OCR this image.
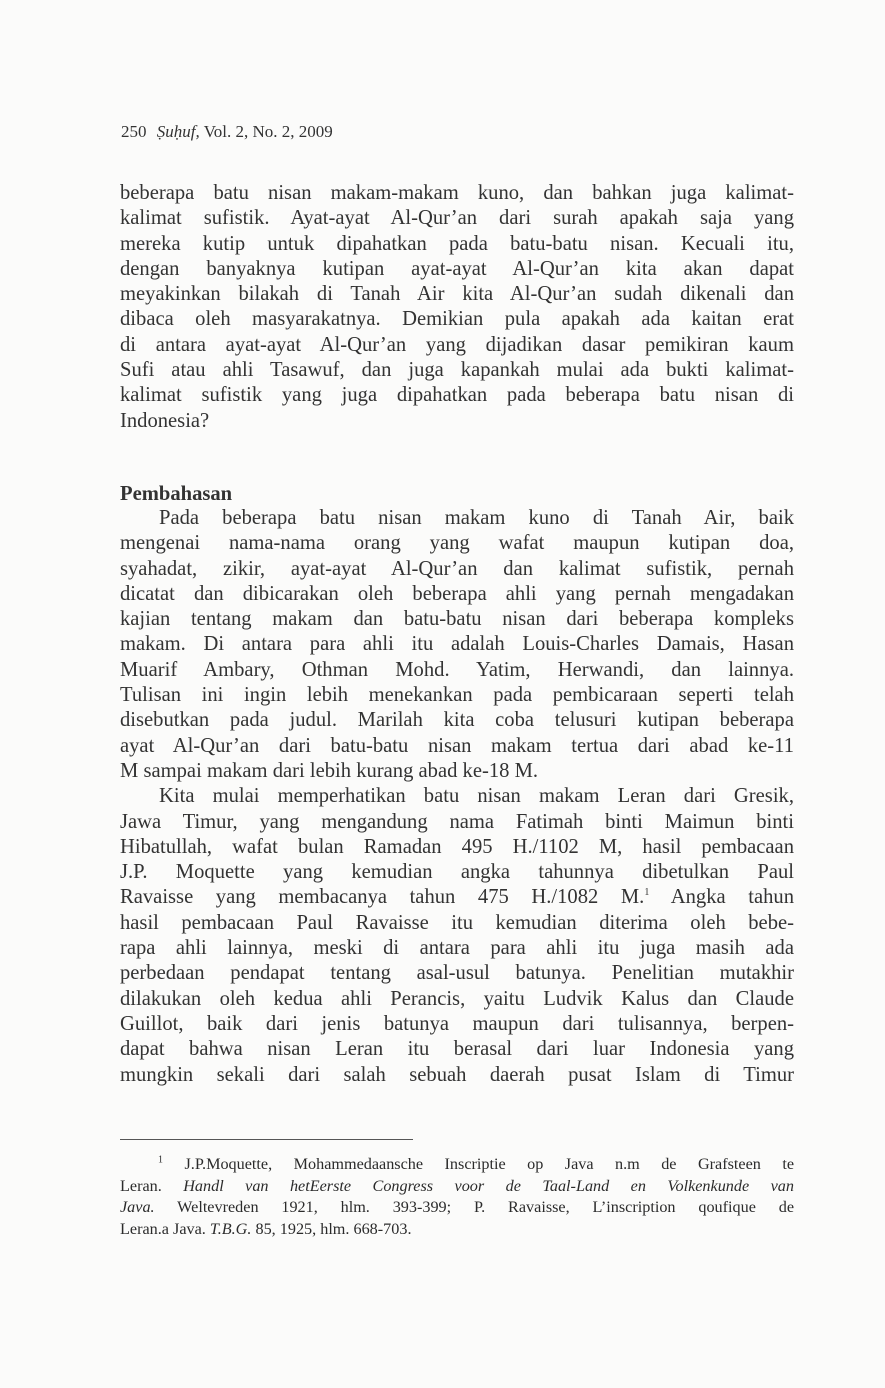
250 Ṣuḥuf, Vol. 2, No. 2, 2009
beberapa batu nisan makam-makam kuno, dan bahkan juga kalimat-
kalimat sufistik. Ayat-ayat Al-Qur’an dari surah apakah saja yang
mereka kutip untuk dipahatkan pada batu-batu nisan. Kecuali itu,
dengan banyaknya kutipan ayat-ayat Al-Qur’an kita akan dapat
meyakinkan bilakah di Tanah Air kita Al-Qur’an sudah dikenali dan
dibaca oleh masyarakatnya. Demikian pula apakah ada kaitan erat
di antara ayat-ayat Al-Qur’an yang dijadikan dasar pemikiran kaum
Sufi atau ahli Tasawuf, dan juga kapankah mulai ada bukti kalimat-
kalimat sufistik yang juga dipahatkan pada beberapa batu nisan di
Indonesia?
Pembahasan
Pada beberapa batu nisan makam kuno di Tanah Air, baik
mengenai nama-nama orang yang wafat maupun kutipan doa,
syahadat, zikir, ayat-ayat Al-Qur’an dan kalimat sufistik, pernah
dicatat dan dibicarakan oleh beberapa ahli yang pernah mengadakan
kajian tentang makam dan batu-batu nisan dari beberapa kompleks
makam. Di antara para ahli itu adalah Louis-Charles Damais, Hasan
Muarif Ambary, Othman Mohd. Yatim, Herwandi, dan lainnya.
Tulisan ini ingin lebih menekankan pada pembicaraan seperti telah
disebutkan pada judul. Marilah kita coba telusuri kutipan beberapa
ayat Al-Qur’an dari batu-batu nisan makam tertua dari abad ke-11
M sampai makam dari lebih kurang abad ke-18 M.
Kita mulai memperhatikan batu nisan makam Leran dari Gresik,
Jawa Timur, yang mengandung nama Fatimah binti Maimun binti
Hibatullah, wafat bulan Ramadan 495 H./1102 M, hasil pembacaan
J.P. Moquette yang kemudian angka tahunnya dibetulkan Paul
Ravaisse yang membacanya tahun 475 H./1082 M.$^1$ Angka tahun
hasil pembacaan Paul Ravaisse itu kemudian diterima oleh bebe-
rapa ahli lainnya, meski di antara para ahli itu juga masih ada
perbedaan pendapat tentang asal-usul batunya. Penelitian mutakhir
dilakukan oleh kedua ahli Perancis, yaitu Ludvik Kalus dan Claude
Guillot, baik dari jenis batunya maupun dari tulisannya, berpen-
dapat bahwa nisan Leran itu berasal dari luar Indonesia yang
mungkin sekali dari salah sebuah daerah pusat Islam di Timur
$^1$ J.P.Moquette, Mohammedaansche Inscriptie op Java n.m de Grafsteen te
Leran. Handl van hetEerste Congress voor de Taal-Land en Volkenkunde van
Java. Weltevreden 1921, hlm. 393-399; P. Ravaisse, L’inscription qoufique de
Leran.a Java. T.B.G. 85, 1925, hlm. 668-703.
